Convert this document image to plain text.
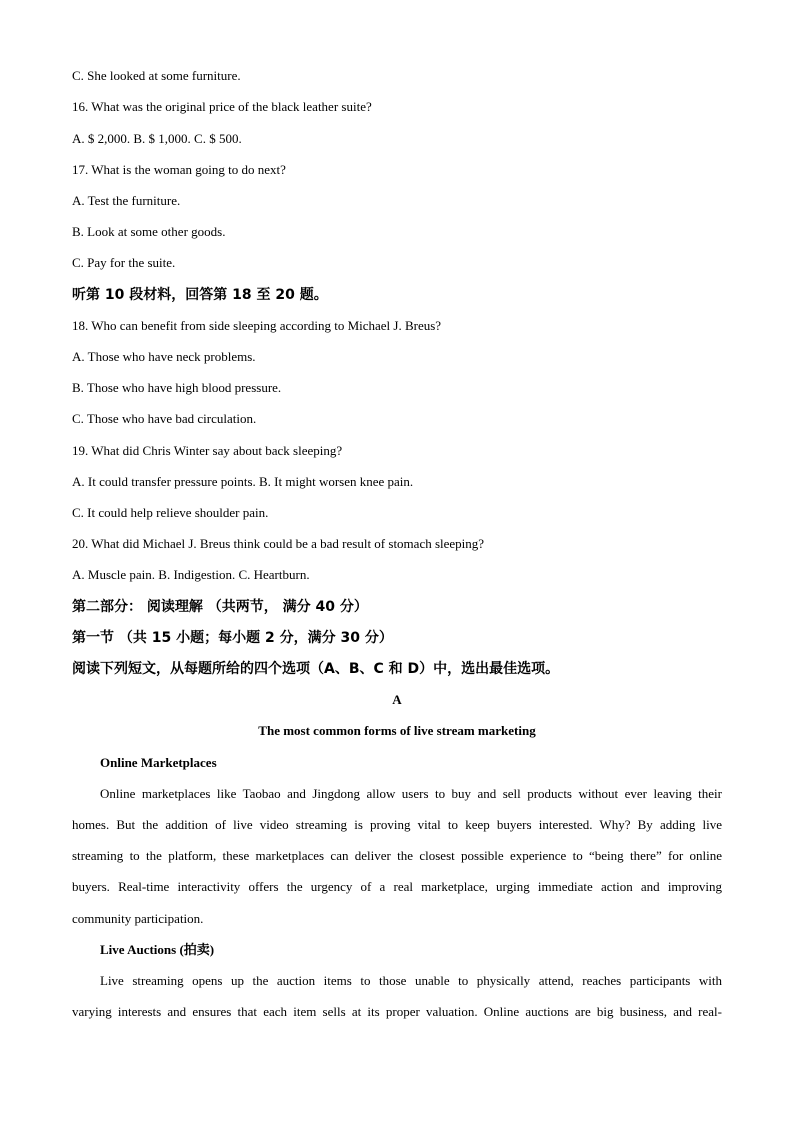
C. She looked at some furniture.
16. What was the original price of the black leather suite?
A. $ 2,000. B. $ 1,000. C. $ 500.
17. What is the woman going to do next?
A. Test the furniture.
B. Look at some other goods.
C. Pay for the suite.
听第 10 段材料，回答第 18 至 20 题。
18. Who can benefit from side sleeping according to Michael J. Breus?
A. Those who have neck problems.
B. Those who have high blood pressure.
C. Those who have bad circulation.
19. What did Chris Winter say about back sleeping?
A. It could transfer pressure points. B. It might worsen knee pain.
C. It could help relieve shoulder pain.
20. What did Michael J. Breus think could be a bad result of stomach sleeping?
A. Muscle pain. B. Indigestion. C. Heartburn.
第二部分： 阅读理解 （共两节， 满分 40 分）
第一节 （共 15 小题；每小题 2 分，满分 30 分）
阅读下列短文，从每题所给的四个选项（A、B、C 和 D）中，选出最佳选项。
A
The most common forms of live stream marketing
Online Marketplaces
Online marketplaces like Taobao and Jingdong allow users to buy and sell products without ever leaving their
homes. But the addition of live video streaming is proving vital to keep buyers interested. Why? By adding live
streaming to the platform, these marketplaces can deliver the closest possible experience to “being there” for online
buyers. Real-time interactivity offers the urgency of a real marketplace, urging immediate action and improving
community participation.
Live Auctions (拍卖)
Live streaming opens up the auction items to those unable to physically attend, reaches participants with
varying interests and ensures that each item sells at its proper valuation. Online auctions are big business, and real-
